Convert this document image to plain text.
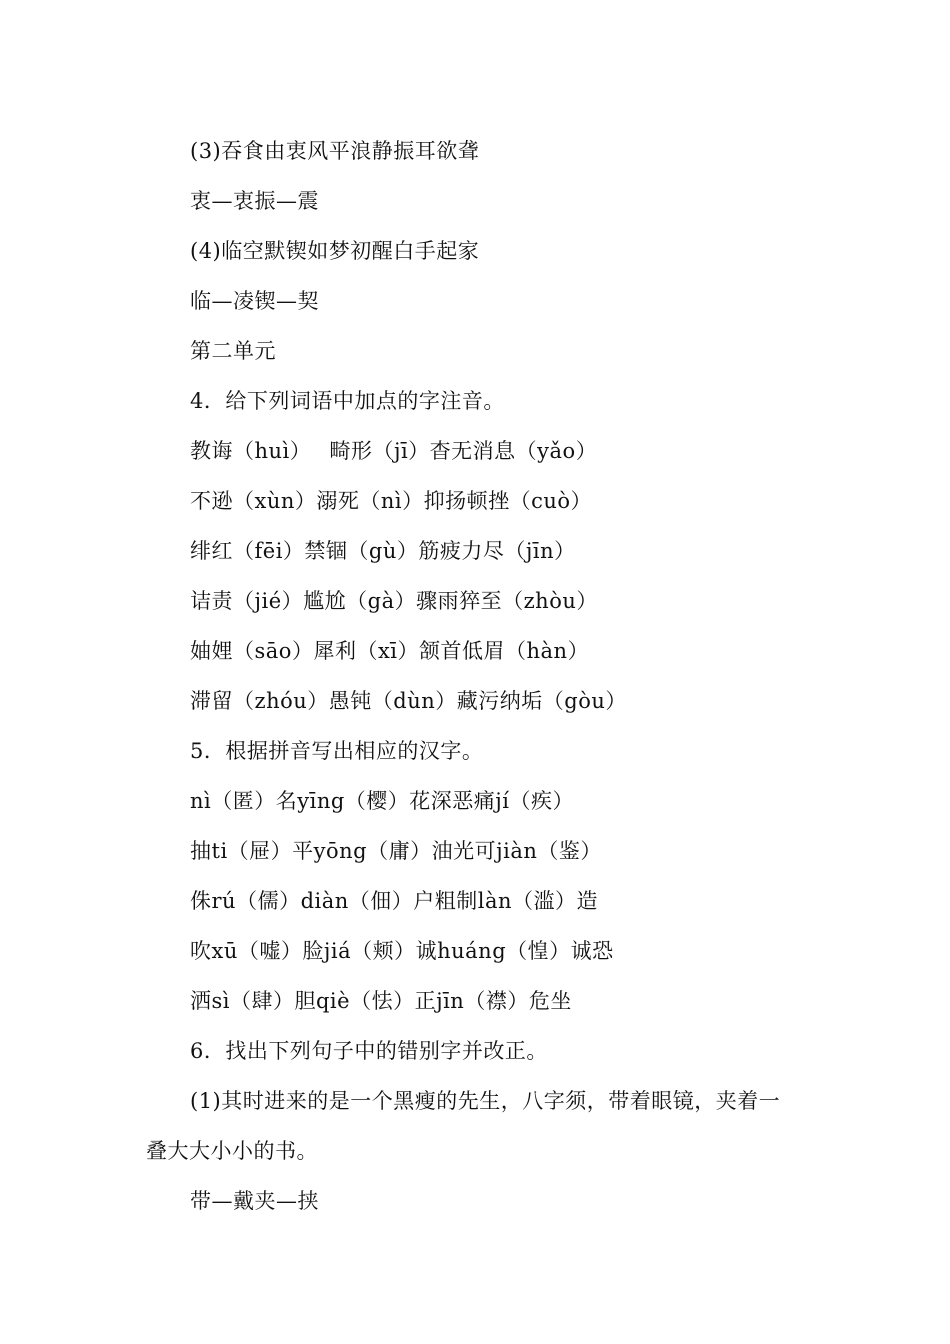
(3)吞食由衷风平浪静振耳欲聋
衷—衷振—震
(4)临空默锲如梦初醒白手起家
临—凌锲—契
第二单元
4．给下列词语中加点的字注音。
教诲（huì）　 畸形（jī）杳无消息（yǎo）
不逊（xùn）溺死（nì）抑扬顿挫（cuò）
绯红（fēi）禁锢（gù）筋疲力尽（jīn）
诘责（jié）尴尬（gà）骤雨猝至（zhòu）
妯娌（sāo）犀利（xī）颔首低眉（hàn）
滞留（zhóu）愚钝（dùn）藏污纳垢（gòu）
5．根据拼音写出相应的汉字。
nì（匿）名yīng（樱）花深恶痛jí（疾）
抽ti（屉）平yōng（庸）油光可jiàn（鉴）
侏rú（儒）diàn（佃）户粗制làn（滥）造
吹xū（嘘）脸jiá（颊）诚huáng（惶）诚恐
洒sì（肆）胆qiè（怯）正jīn（襟）危坐
6．找出下列句子中的错别字并改正。
(1)其时进来的是一个黑瘦的先生，八字须，带着眼镜，夹着一
叠大大小小的书。
带—戴夹—挟
